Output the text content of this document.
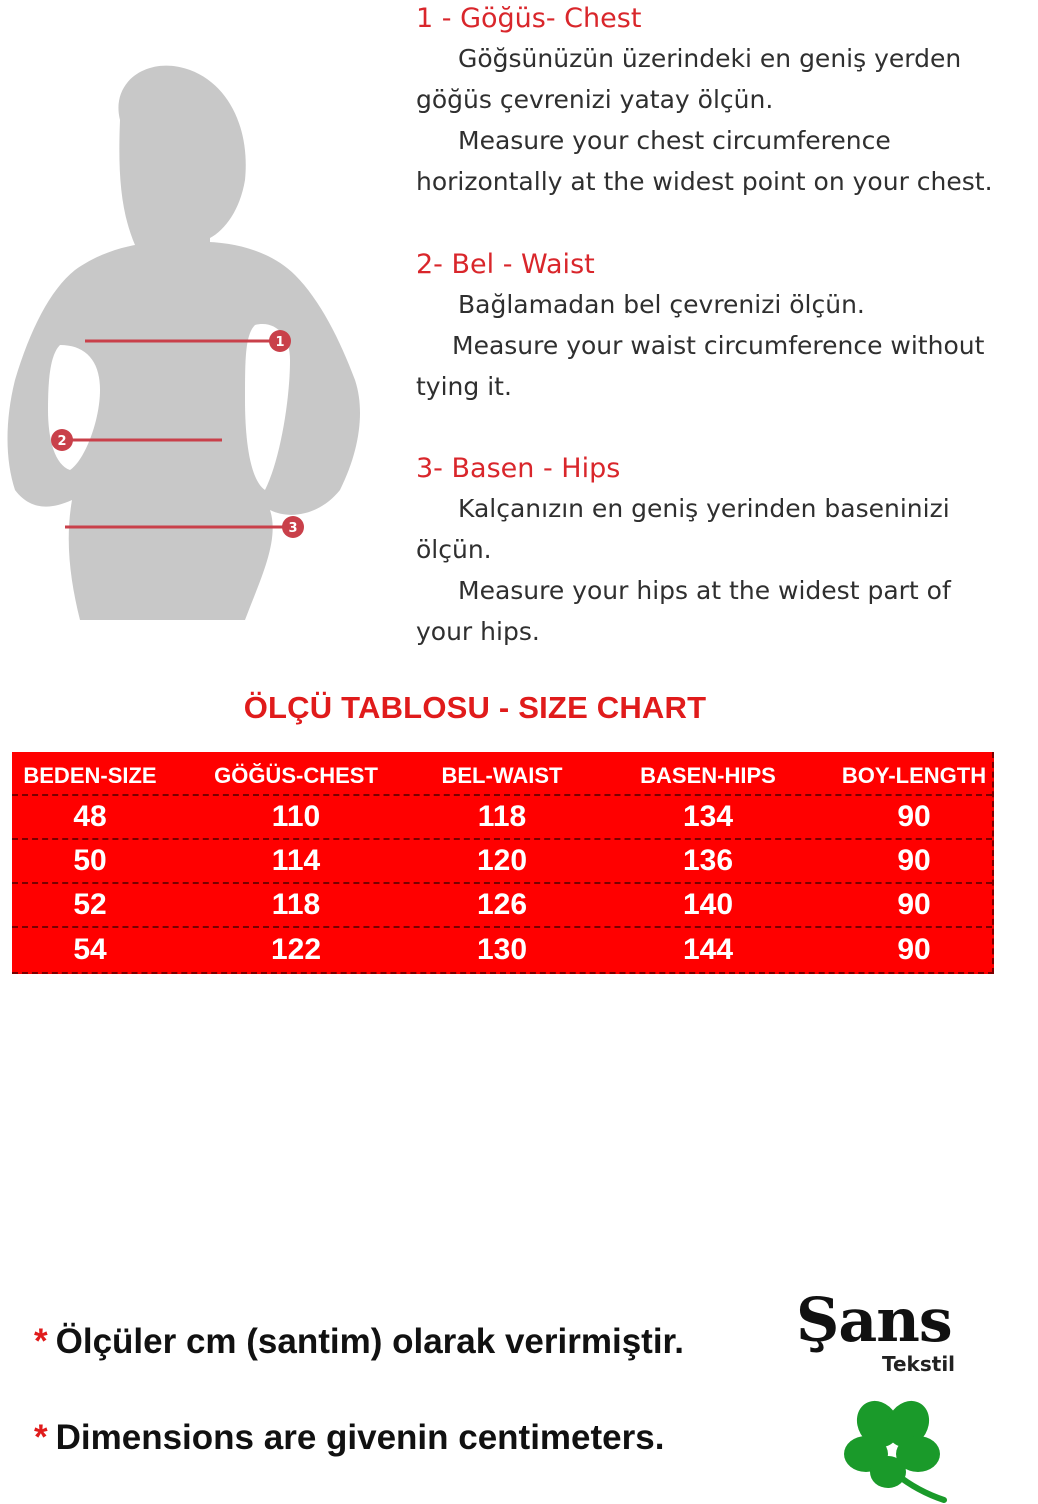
1
2
3

1 - Göğüs- Chest

Göğsünüzün üzerindeki en geniş yerden

göğüs çevrenizi yatay ölçün.

Measure your chest circumference

horizontally at the widest point on your chest.

2- Bel - Waist

Bağlamadan bel çevrenizi ölçün.

Measure your waist circumference without

tying it.

3- Basen - Hips

Kalçanızın en geniş yerinden baseninizi

ölçün.

Measure your hips at the widest part of

your hips.

ÖLÇÜ TABLOSU - SIZE CHART
BEDEN-SIZE	GÖĞÜS-CHEST	BEL-WAIST	BASEN-HIPS	BOY-LENGTH
48	110	118	134	90
50	114	120	136	90
52	118	126	140	90
54	122	130	144	90
* Ölçüler cm (santim) olarak verirmiştir.
* Dimensions are givenin centimeters.
Şans
Tekstil
